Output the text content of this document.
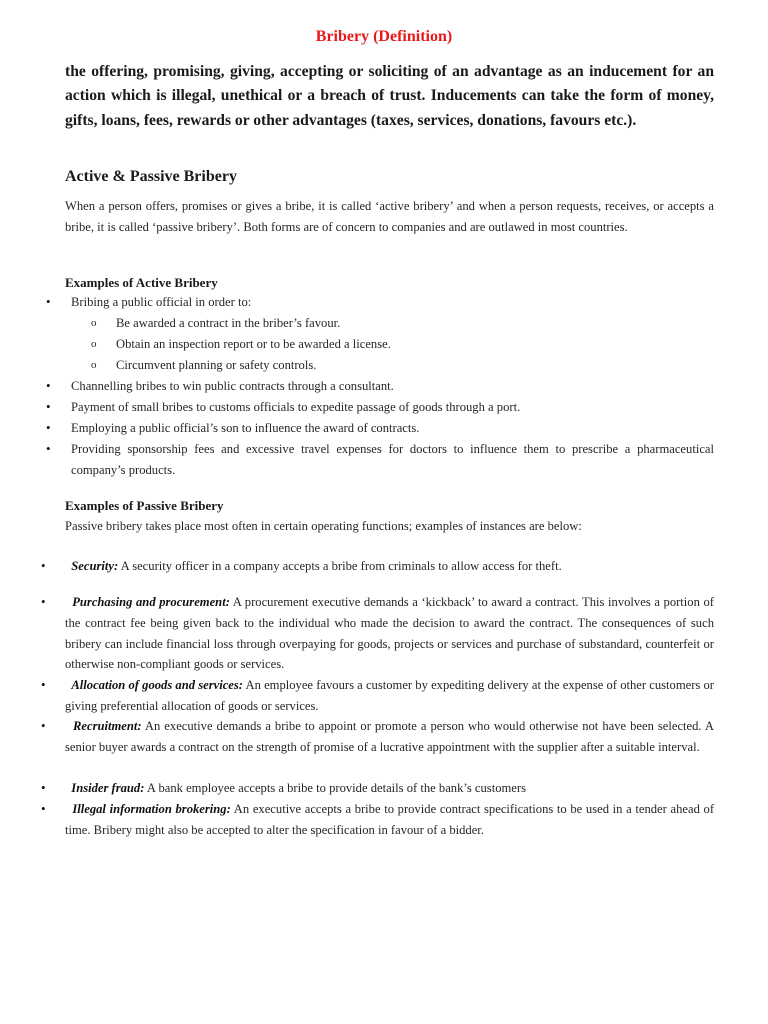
Bribery (Definition)

the offering, promising, giving, accepting or soliciting of an advantage as an inducement for an action which is illegal, unethical or a breach of trust. Inducements can take the form of money, gifts, loans, fees, rewards or other advantages (taxes, services, donations, favours etc.).

Active & Passive Bribery

When a person offers, promises or gives a bribe, it is called ‘active bribery’ and when a person requests, receives, or accepts a bribe, it is called ‘passive bribery’. Both forms are of concern to companies and are outlawed in most countries.

Examples of Active Bribery
• Bribing a public official in order to:
o Be awarded a contract in the briber’s favour.
o Obtain an inspection report or to be awarded a license.
o Circumvent planning or safety controls.
• Channelling bribes to win public contracts through a consultant.
• Payment of small bribes to customs officials to expedite passage of goods through a port.
• Employing a public official’s son to influence the award of contracts.
• Providing sponsorship fees and excessive travel expenses for doctors to influence them to prescribe a pharmaceutical company’s products.
Examples of Passive Bribery

Passive bribery takes place most often in certain operating functions; examples of instances are below:

•	Security: A security officer in a company accepts a bribe from criminals to allow access for theft.
•	Purchasing and procurement: A procurement executive demands a ‘kickback’ to award a contract. This involves a portion of the contract fee being given back to the individual who made the decision to award the contract. The consequences of such bribery can include financial loss through overpaying for goods, projects or services and purchase of substandard, counterfeit or otherwise non-compliant goods or services.
•	Allocation of goods and services: An employee favours a customer by expediting delivery at the expense of other customers or giving preferential allocation of goods or services.
•	Recruitment: An executive demands a bribe to appoint or promote a person who would otherwise not have been selected. A senior buyer awards a contract on the strength of promise of a lucrative appointment with the supplier after a suitable interval.
•	Insider fraud: A bank employee accepts a bribe to provide details of the bank’s customers
•	Illegal information brokering: An executive accepts a bribe to provide contract specifications to be used in a tender ahead of time. Bribery might also be accepted to alter the specification in favour of a bidder.
